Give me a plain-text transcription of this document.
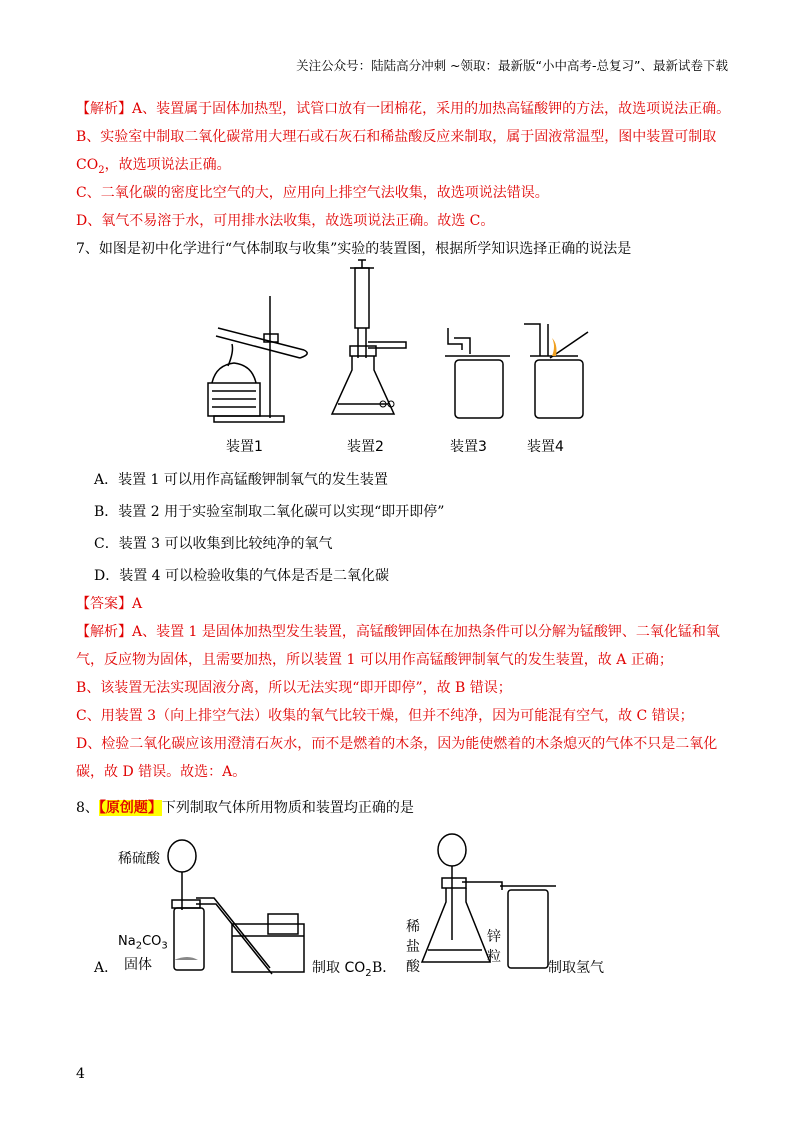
关注公众号：陆陆高分冲刺 ~领取：最新版“小中高考-总复习”、最新试卷下载
【解析】A、装置属于固体加热型，试管口放有一团棉花，采用的加热高锰酸钾的方法，故选项说法正确。
B、实验室中制取二氧化碳常用大理石或石灰石和稀盐酸反应来制取，属于固液常温型，图中装置可制取
$CO_2$，故选项说法正确。
C、二氧化碳的密度比空气的大，应用向上排空气法收集，故选项说法错误。
D、氧气不易溶于水，可用排水法收集，故选项说法正确。故选 C。
7、如图是初中化学进行“气体制取与收集”实验的装置图，根据所学知识选择正确的说法是
装置1	装置2	装置3	装置4
A．装置 1 可以用作高锰酸钾制氧气的发生装置
B．装置 2 用于实验室制取二氧化碳可以实现“即开即停”
C．装置 3 可以收集到比较纯净的氧气
D．装置 4 可以检验收集的气体是否是二氧化碳
【答案】A
【解析】A、装置 1 是固体加热型发生装置，高锰酸钾固体在加热条件可以分解为锰酸钾、二氧化锰和氧
气，反应物为固体，且需要加热，所以装置 1 可以用作高锰酸钾制氧气的发生装置，故 A 正确；
B、该装置无法实现固液分离，所以无法实现“即开即停”，故 B 错误；
C、用装置 3（向上排空气法）收集的氧气比较干燥，但并不纯净，因为可能混有空气，故 C 错误；
D、检验二氧化碳应该用澄清石灰水，而不是燃着的木条，因为能使燃着的木条熄灭的气体不只是二氧化
碳，故 D 错误。故选：A。
8、【原创题】下列制取气体所用物质和装置均正确的是
稀硫酸
$Na_2CO_3$
A． 固体	制取 $CO_2$ B．
稀
盐
酸
锌
粒
制取氢气
4
